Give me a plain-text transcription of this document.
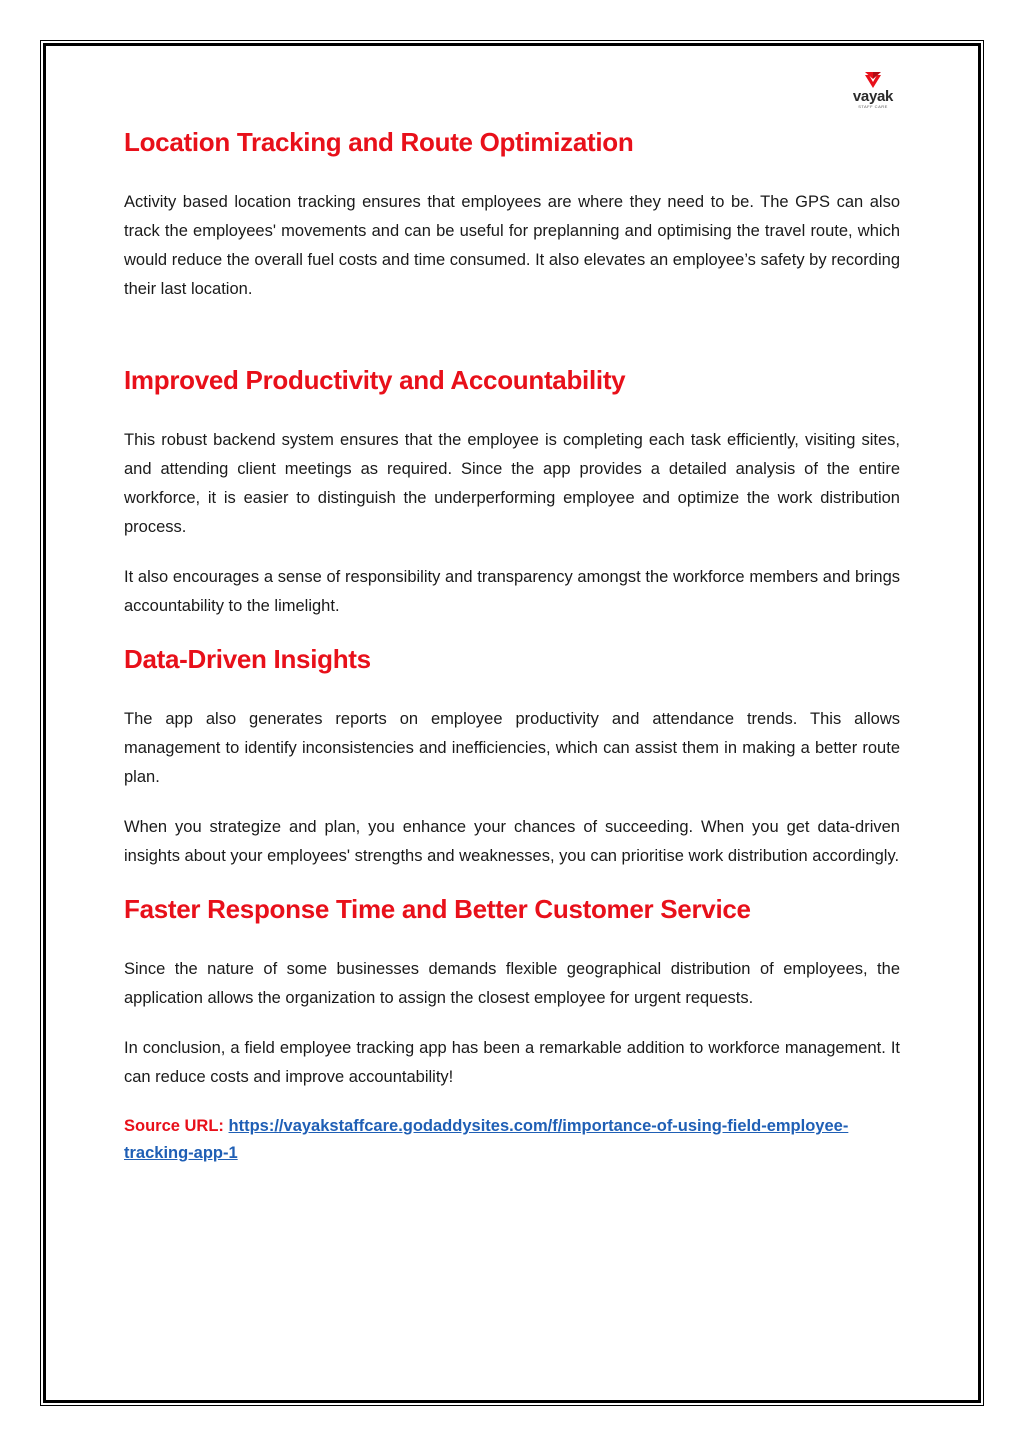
vayak
STAFF CARE
Location Tracking and Route Optimization

Activity based location tracking ensures that employees are where they need to be. The GPS can also track the employees' movements and can be useful for preplanning and optimising the travel route, which would reduce the overall fuel costs and time consumed. It also elevates an employee’s safety by recording their last location.

Improved Productivity and Accountability

This robust backend system ensures that the employee is completing each task efficiently, visiting sites, and attending client meetings as required. Since the app provides a detailed analysis of the entire workforce, it is easier to distinguish the underperforming employee and optimize the work distribution process.

It also encourages a sense of responsibility and transparency amongst the workforce members and brings accountability to the limelight.

Data-Driven Insights

The app also generates reports on employee productivity and attendance trends. This allows management to identify inconsistencies and inefficiencies, which can assist them in making a better route plan.

When you strategize and plan, you enhance your chances of succeeding. When you get data-driven insights about your employees' strengths and weaknesses, you can prioritise work distribution accordingly.

Faster Response Time and Better Customer Service

Since the nature of some businesses demands flexible geographical distribution of employees, the application allows the organization to assign the closest employee for urgent requests.

In conclusion, a field employee tracking app has been a remarkable addition to workforce management. It can reduce costs and improve accountability!

Source URL: https://vayakstaffcare.godaddysites.com/f/importance-of-using-field-employee-tracking-app-1
